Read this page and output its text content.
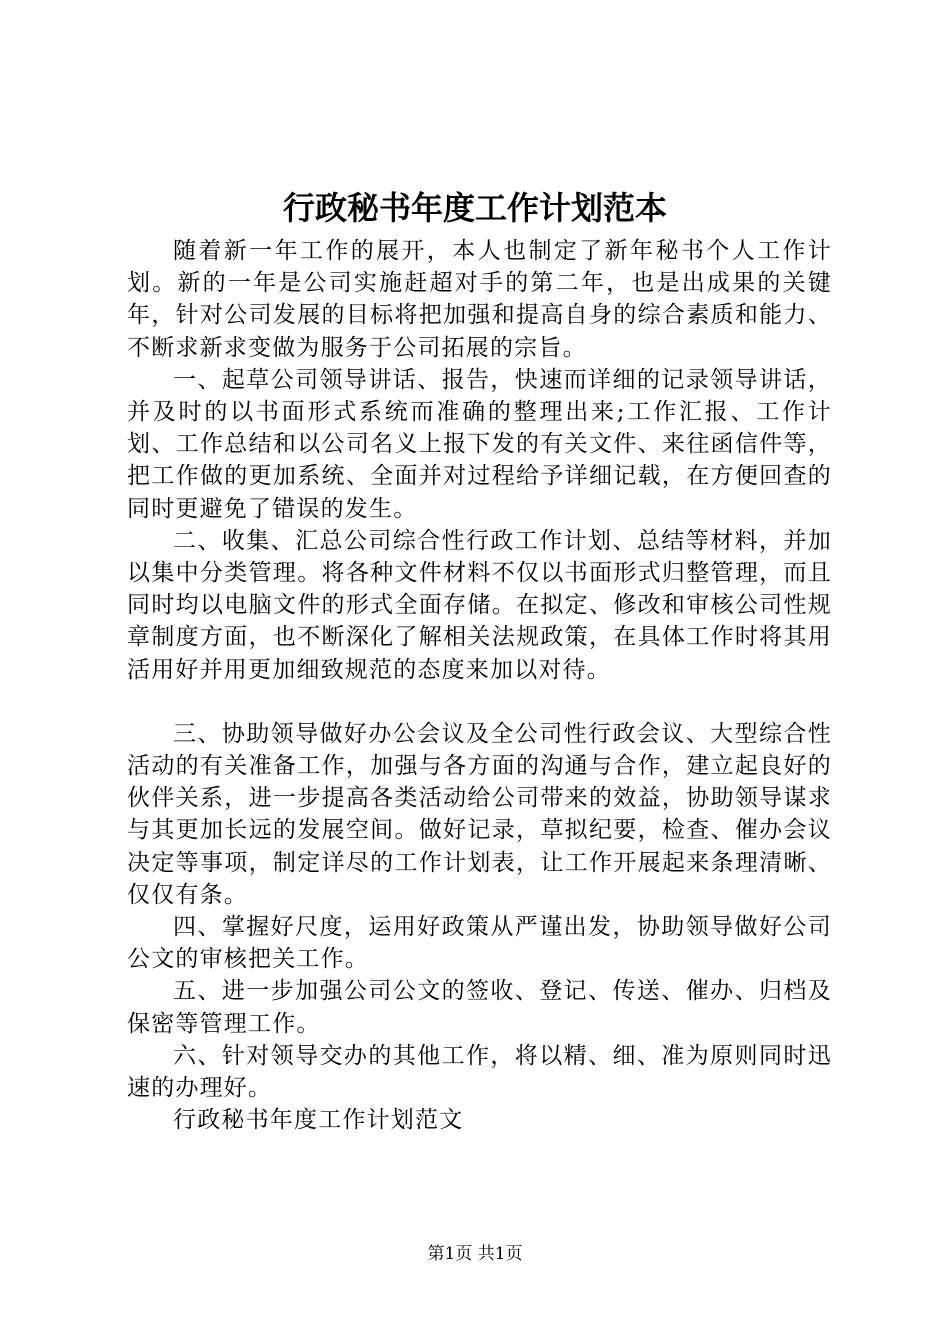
行政秘书年度工作计划范本

随着新一年工作的展开，本人也制定了新年秘书个人工作计划。新的一年是公司实施赶超对手的第二年，也是出成果的关键年，针对公司发展的目标将把加强和提高自身的综合素质和能力、不断求新求变做为服务于公司拓展的宗旨。

一、起草公司领导讲话、报告，快速而详细的记录领导讲话，并及时的以书面形式系统而准确的整理出来;工作汇报、工作计划、工作总结和以公司名义上报下发的有关文件、来往函信件等，把工作做的更加系统、全面并对过程给予详细记载，在方便回查的同时更避免了错误的发生。

二、收集、汇总公司综合性行政工作计划、总结等材料，并加以集中分类管理。将各种文件材料不仅以书面形式归整管理，而且同时均以电脑文件的形式全面存储。在拟定、修改和审核公司性规章制度方面，也不断深化了解相关法规政策，在具体工作时将其用活用好并用更加细致规范的态度来加以对待。

三、协助领导做好办公会议及全公司性行政会议、大型综合性活动的有关准备工作，加强与各方面的沟通与合作，建立起良好的伙伴关系，进一步提高各类活动给公司带来的效益，协助领导谋求与其更加长远的发展空间。做好记录，草拟纪要，检查、催办会议决定等事项，制定详尽的工作计划表，让工作开展起来条理清晰、仅仅有条。

四、掌握好尺度，运用好政策从严谨出发，协助领导做好公司公文的审核把关工作。

五、进一步加强公司公文的签收、登记、传送、催办、归档及保密等管理工作。

六、针对领导交办的其他工作，将以精、细、准为原则同时迅速的办理好。

行政秘书年度工作计划范文

第1页 共1页
